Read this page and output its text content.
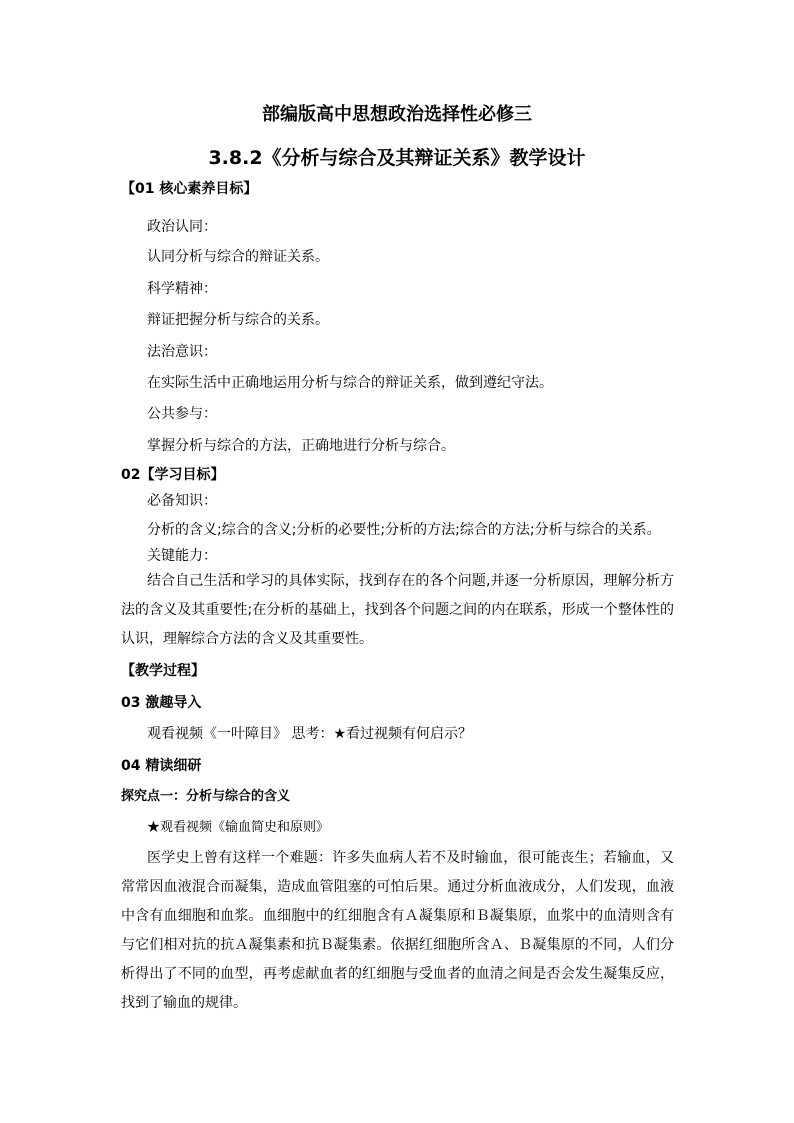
部编版高中思想政治选择性必修三
3.8.2《分析与综合及其辩证关系》教学设计
【01 核心素养目标】
政治认同：
认同分析与综合的辩证关系。
科学精神：
辩证把握分析与综合的关系。
法治意识：
在实际生活中正确地运用分析与综合的辩证关系，做到遵纪守法。
公共参与：
掌握分析与综合的方法，正确地进行分析与综合。
02【学习目标】
必备知识：
分析的含义;综合的含义;分析的必要性;分析的方法;综合的方法;分析与综合的关系。
关键能力：
结合自己生活和学习的具体实际，找到存在的各个问题,并逐一分析原因，理解分析方法的含义及其重要性;在分析的基础上，找到各个问题之间的内在联系，形成一个整体性的认识，理解综合方法的含义及其重要性。
【教学过程】
03 激趣导入
观看视频《一叶障目》 思考：★看过视频有何启示？
04 精读细研
探究点一：分析与综合的含义
★观看视频《输血简史和原则》
医学史上曾有这样一个难题：许多失血病人若不及时输血，很可能丧生；若输血，又常常因血液混合而凝集，造成血管阻塞的可怕后果。通过分析血液成分，人们发现，血液中含有血细胞和血浆。血细胞中的红细胞含有Ａ凝集原和Ｂ凝集原，血浆中的血清则含有与它们相对抗的抗Ａ凝集素和抗Ｂ凝集素。依据红细胞所含Ａ、Ｂ凝集原的不同，人们分析得出了不同的血型，再考虑献血者的红细胞与受血者的血清之间是否会发生凝集反应，找到了输血的规律。
